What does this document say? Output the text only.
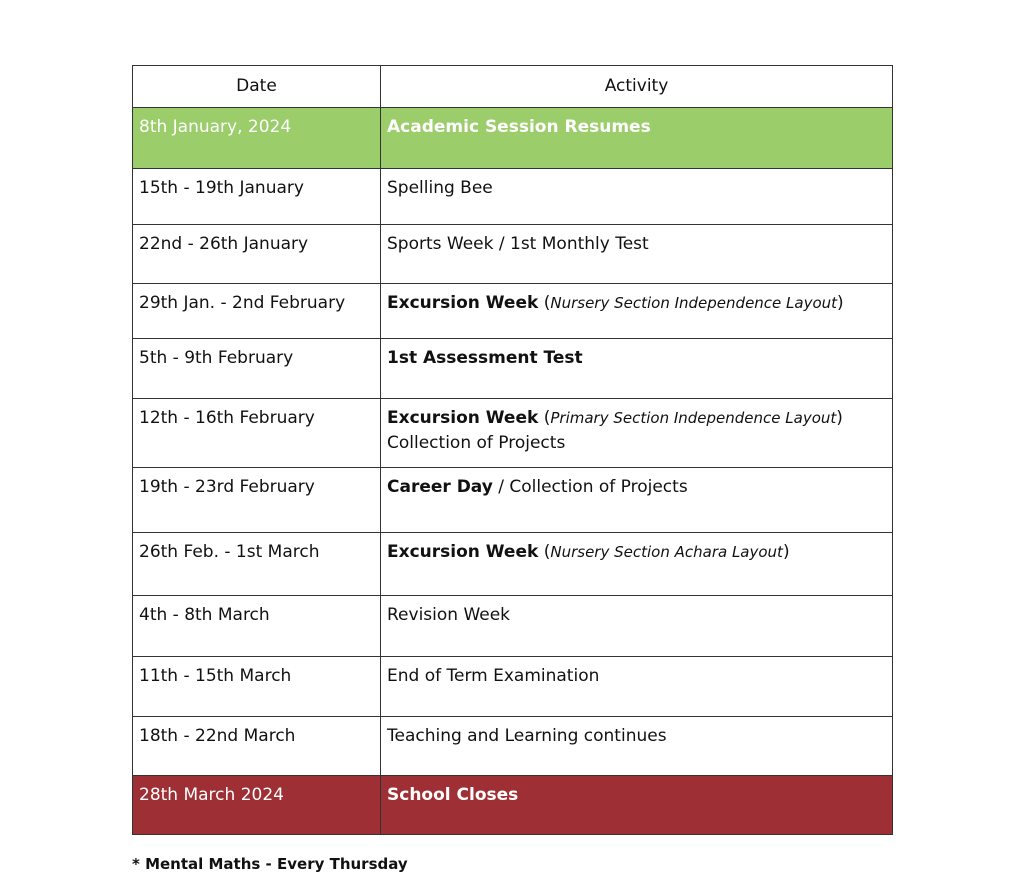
Date	Activity
8th January, 2024	Academic Session Resumes
15th - 19th January	Spelling Bee
22nd - 26th January	Sports Week / 1st Monthly Test
29th Jan. - 2nd February	Excursion Week (Nursery Section Independence Layout)
5th - 9th February	1st Assessment Test
12th - 16th February	Excursion Week (Primary Section Independence Layout)
Collection of Projects
19th - 23rd February	Career Day / Collection of Projects
26th Feb. - 1st March	Excursion Week (Nursery Section Achara Layout)
4th - 8th March	Revision Week
11th - 15th March	End of Term Examination
18th - 22nd March	Teaching and Learning continues
28th March 2024	School Closes
* Mental Maths - Every Thursday
